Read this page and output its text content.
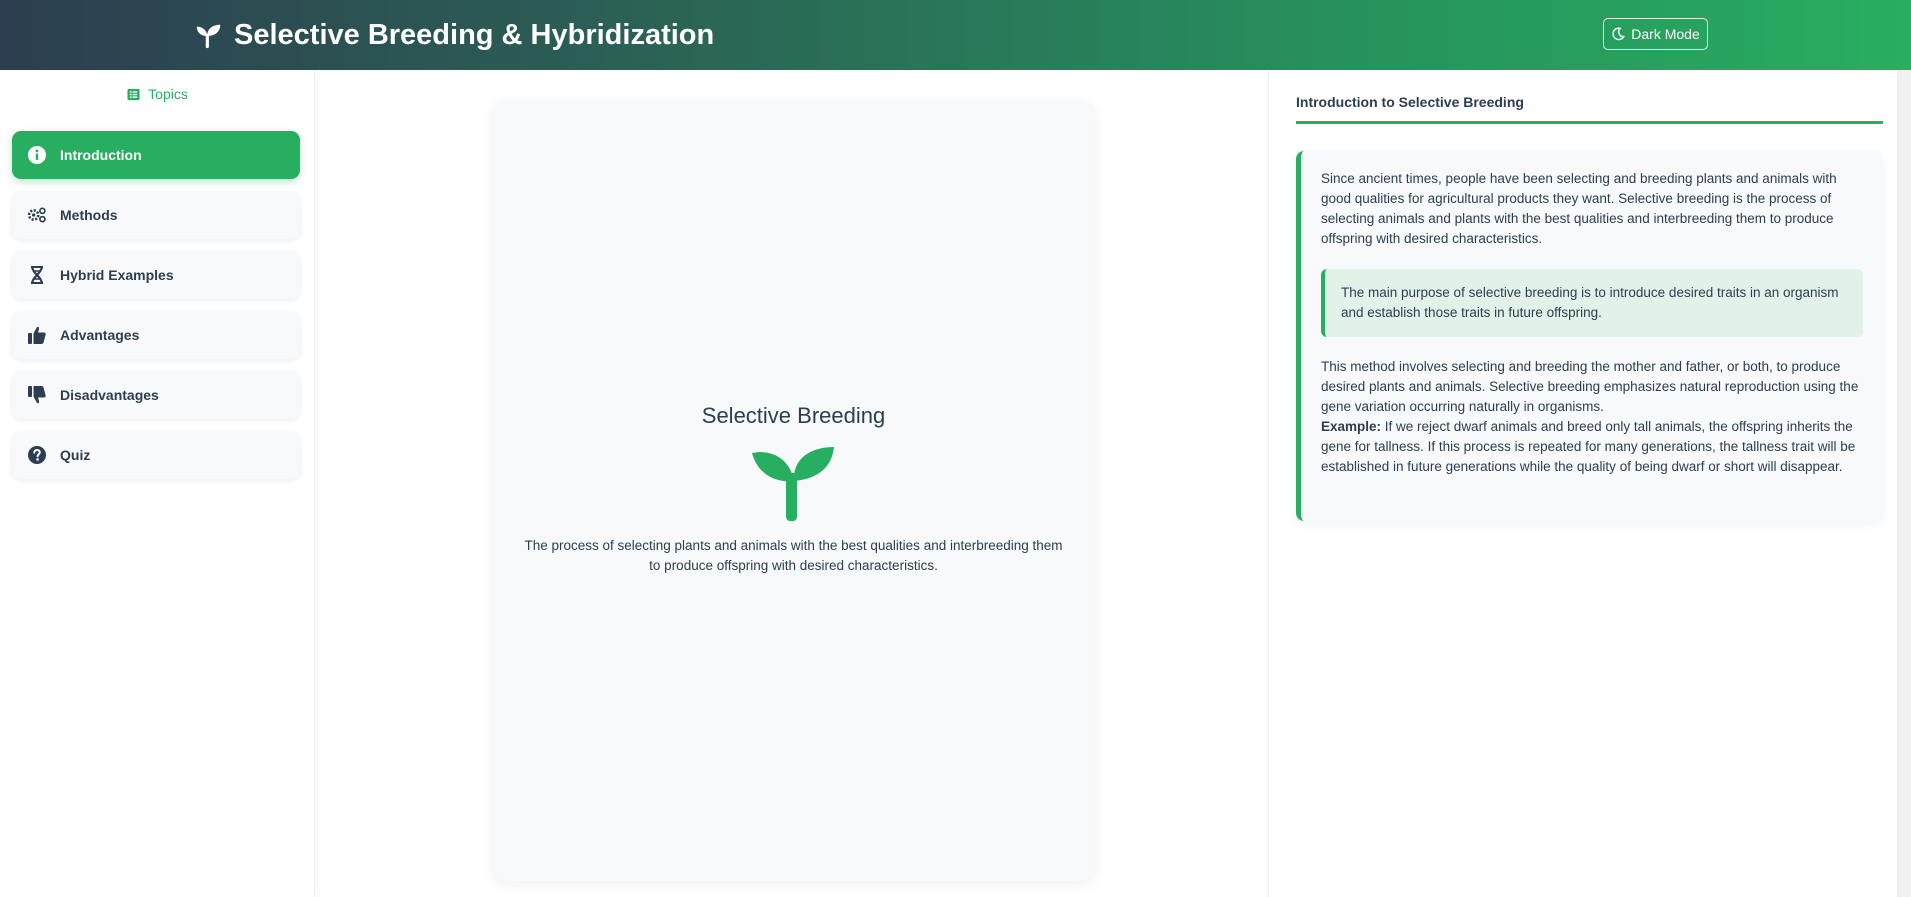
Selective Breeding & Hybridization	Dark Mode
Topics
Introduction
Methods
Hybrid Examples
Advantages
Disadvantages
Quiz
Selective Breeding
The process of selecting plants and animals with the best qualities and interbreeding them to produce offspring with desired characteristics.
Introduction to Selective Breeding

Since ancient times, people have been selecting and breeding plants and animals with good qualities for agricultural products they want. Selective breeding is the process of selecting animals and plants with the best qualities and interbreeding them to produce offspring with desired characteristics.

The main purpose of selective breeding is to introduce desired traits in an organism and establish those traits in future offspring.

This method involves selecting and breeding the mother and father, or both, to produce desired plants and animals. Selective breeding emphasizes natural reproduction using the gene variation occurring naturally in organisms.
Example: If we reject dwarf animals and breed only tall animals, the offspring inherits the gene for tallness. If this process is repeated for many generations, the tallness trait will be established in future generations while the quality of being dwarf or short will disappear.
